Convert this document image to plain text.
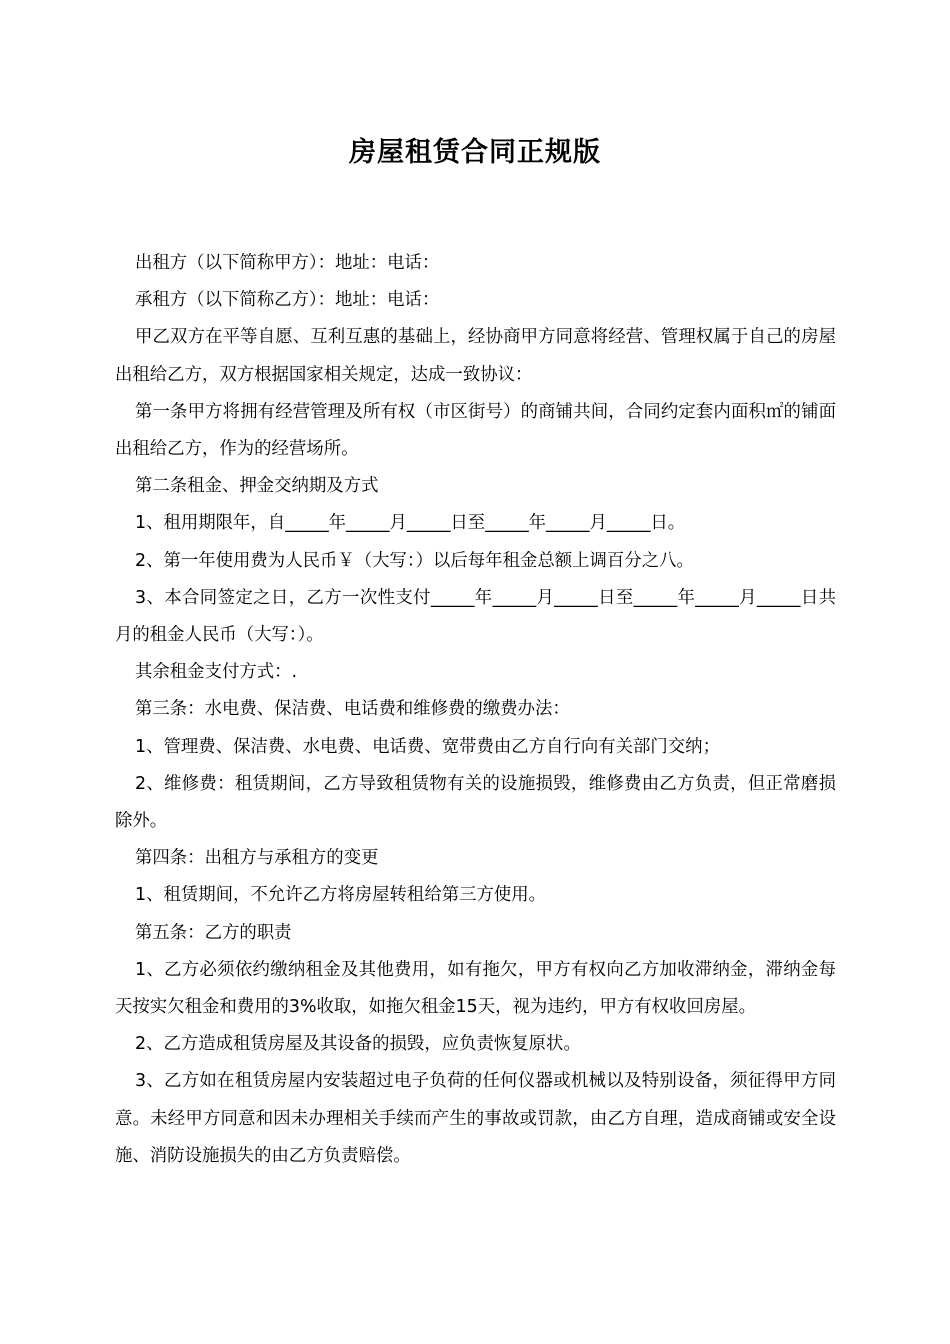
房屋租赁合同正规版

出租方（以下简称甲方）：地址：电话：

承租方（以下简称乙方）：地址：电话：

甲乙双方在平等自愿、互利互惠的基础上，经协商甲方同意将经营、管理权属于自己的房屋出租给乙方，双方根据国家相关规定，达成一致协议：

第一条甲方将拥有经营管理及所有权（市区街号）的商铺共间，合同约定套内面积㎡的铺面出租给乙方，作为的经营场所。

第二条租金、押金交纳期及方式

1、租用期限年，自_____年_____月_____日至_____年_____月_____日。

2、第一年使用费为人民币￥（大写：）以后每年租金总额上调百分之八。

3、本合同签定之日，乙方一次性支付_____年_____月_____日至_____年_____月_____日共月的租金人民币（大写：）。

其余租金支付方式：.

第三条：水电费、保洁费、电话费和维修费的缴费办法：

1、管理费、保洁费、水电费、电话费、宽带费由乙方自行向有关部门交纳；

2、维修费：租赁期间，乙方导致租赁物有关的设施损毁，维修费由乙方负责，但正常磨损除外。

第四条：出租方与承租方的变更

1、租赁期间，不允许乙方将房屋转租给第三方使用。

第五条：乙方的职责

1、乙方必须依约缴纳租金及其他费用，如有拖欠，甲方有权向乙方加收滞纳金，滞纳金每天按实欠租金和费用的3%收取，如拖欠租金15天，视为违约，甲方有权收回房屋。

2、乙方造成租赁房屋及其设备的损毁，应负责恢复原状。

3、乙方如在租赁房屋内安装超过电子负荷的任何仪器或机械以及特别设备，须征得甲方同意。未经甲方同意和因未办理相关手续而产生的事故或罚款，由乙方自理，造成商铺或安全设施、消防设施损失的由乙方负责赔偿。
